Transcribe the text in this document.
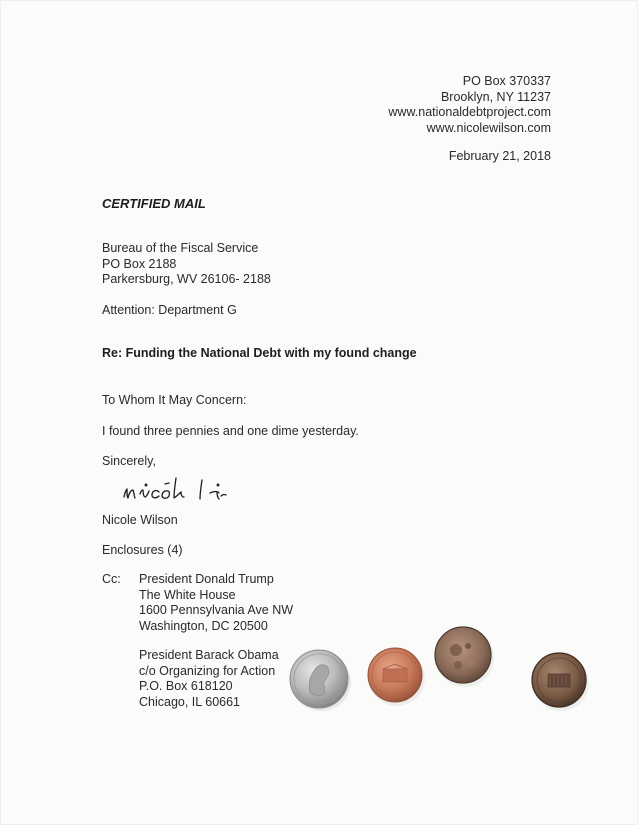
PO Box 370337
Brooklyn, NY 11237
www.nationaldebtproject.com
www.nicolewilson.com
February 21, 2018
CERTIFIED MAIL
Bureau of the Fiscal Service
PO Box 2188
Parkersburg, WV 26106- 2188
Attention: Department G
Re: Funding the National Debt with my found change
To Whom It May Concern:
I found three pennies and one dime yesterday.
Sincerely,
Nicole Wilson
Enclosures (4)
Cc: President Donald Trump
The White House
1600 Pennsylvania Ave NW
Washington, DC 20500
President Barack Obama
c/o Organizing for Action
P.O. Box 618120
Chicago, IL 60661
